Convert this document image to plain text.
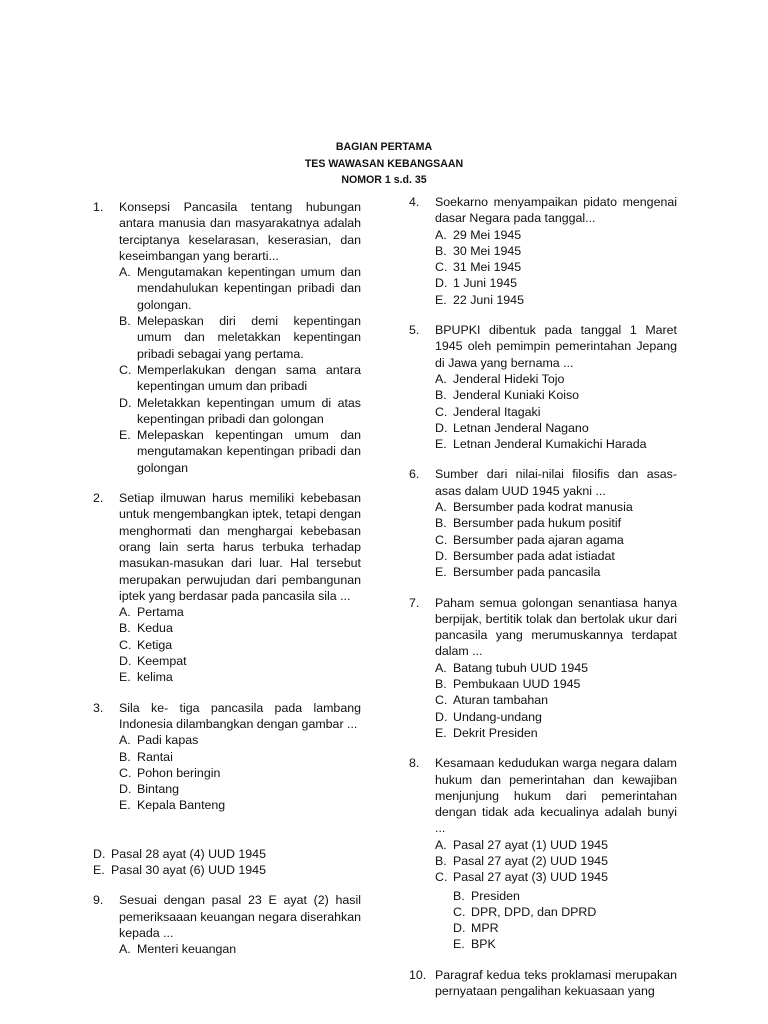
BAGIAN PERTAMA
TES WAWASAN KEBANGSAAN
NOMOR 1 s.d. 35
1.	Konsepsi Pancasila tentang hubungan antara manusia dan masyarakatnya adalah terciptanya keselarasan, keserasian, dan keseimbangan yang berarti...
A. Mengutamakan kepentingan umum dan mendahulukan kepentingan pribadi dan golongan.
B. Melepaskan diri demi kepentingan umum dan meletakkan kepentingan pribadi sebagai yang pertama.
C. Memperlakukan dengan sama antara kepentingan umum dan pribadi
D. Meletakkan kepentingan umum di atas kepentingan pribadi dan golongan
E. Melepaskan kepentingan umum dan mengutamakan kepentingan pribadi dan golongan
2.	Setiap ilmuwan harus memiliki kebebasan untuk mengembangkan iptek, tetapi dengan menghormati dan menghargai kebebasan orang lain serta harus terbuka terhadap masukan-masukan dari luar. Hal tersebut merupakan perwujudan dari pembangunan iptek yang berdasar pada pancasila sila ...
A. Pertama
B. Kedua
C. Ketiga
D. Keempat
E. kelima
3.	Sila ke- tiga pancasila pada lambang Indonesia dilambangkan dengan gambar ...
A. Padi kapas
B. Rantai
C. Pohon beringin
D. Bintang
E. Kepala Banteng
D. Pasal 28 ayat (4) UUD 1945
E. Pasal 30 ayat (6) UUD 1945
9.	Sesuai dengan pasal 23 E ayat (2) hasil pemeriksaaan keuangan negara diserahkan kepada ...
A. Menteri keuangan
4.	Soekarno menyampaikan pidato mengenai dasar Negara pada tanggal...
A. 29 Mei 1945
B. 30 Mei 1945
C. 31 Mei 1945
D. 1 Juni 1945
E. 22 Juni 1945
5.	BPUPKI dibentuk pada tanggal 1 Maret 1945 oleh pemimpin pemerintahan Jepang di Jawa yang bernama ...
A. Jenderal Hideki Tojo
B. Jenderal Kuniaki Koiso
C. Jenderal Itagaki
D. Letnan Jenderal Nagano
E. Letnan Jenderal Kumakichi Harada
6.	Sumber dari nilai-nilai filosifis dan asas-asas dalam UUD 1945 yakni ...
A. Bersumber pada kodrat manusia
B. Bersumber pada hukum positif
C. Bersumber pada ajaran agama
D. Bersumber pada adat istiadat
E. Bersumber pada pancasila
7.	Paham semua golongan senantiasa hanya berpijak, bertitik tolak dan bertolak ukur dari pancasila yang merumuskannya terdapat dalam ...
A. Batang tubuh UUD 1945
B. Pembukaan UUD 1945
C. Aturan tambahan
D. Undang-undang
E. Dekrit Presiden
8.	Kesamaan kedudukan warga negara dalam hukum dan pemerintahan dan kewajiban menjunjung hukum dari pemerintahan dengan tidak ada kecualinya adalah bunyi ...
A. Pasal 27 ayat (1) UUD 1945
B. Pasal 27 ayat (2) UUD 1945
C. Pasal 27 ayat (3) UUD 1945
B. Presiden
C. DPR, DPD, dan DPRD
D. MPR
E. BPK
10. Paragraf kedua teks proklamasi merupakan pernyataan pengalihan kekuasaan yang
